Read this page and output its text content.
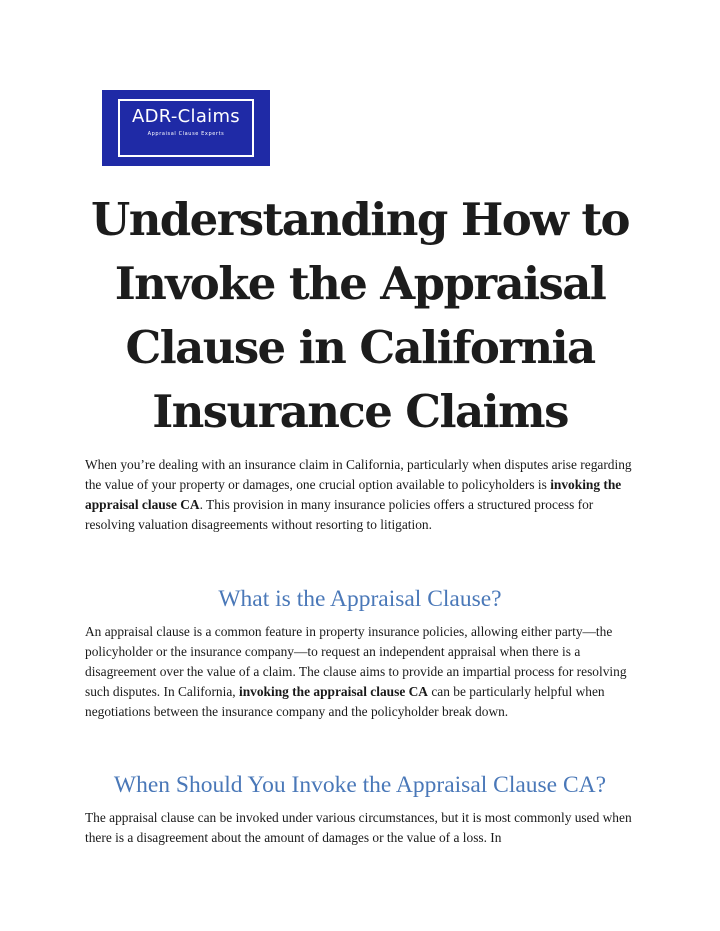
ADR-Claims
Appraisal Clause Experts
Understanding How to Invoke the Appraisal Clause in California Insurance Claims

When you’re dealing with an insurance claim in California, particularly when disputes arise regarding the value of your property or damages, one crucial option available to policyholders is invoking the appraisal clause CA. This provision in many insurance policies offers a structured process for resolving valuation disagreements without resorting to litigation.

What is the Appraisal Clause?

An appraisal clause is a common feature in property insurance policies, allowing either party—the policyholder or the insurance company—to request an independent appraisal when there is a disagreement over the value of a claim. The clause aims to provide an impartial process for resolving such disputes. In California, invoking the appraisal clause CA can be particularly helpful when negotiations between the insurance company and the policyholder break down.

When Should You Invoke the Appraisal Clause CA?

The appraisal clause can be invoked under various circumstances, but it is most commonly used when there is a disagreement about the amount of damages or the value of a loss. In
